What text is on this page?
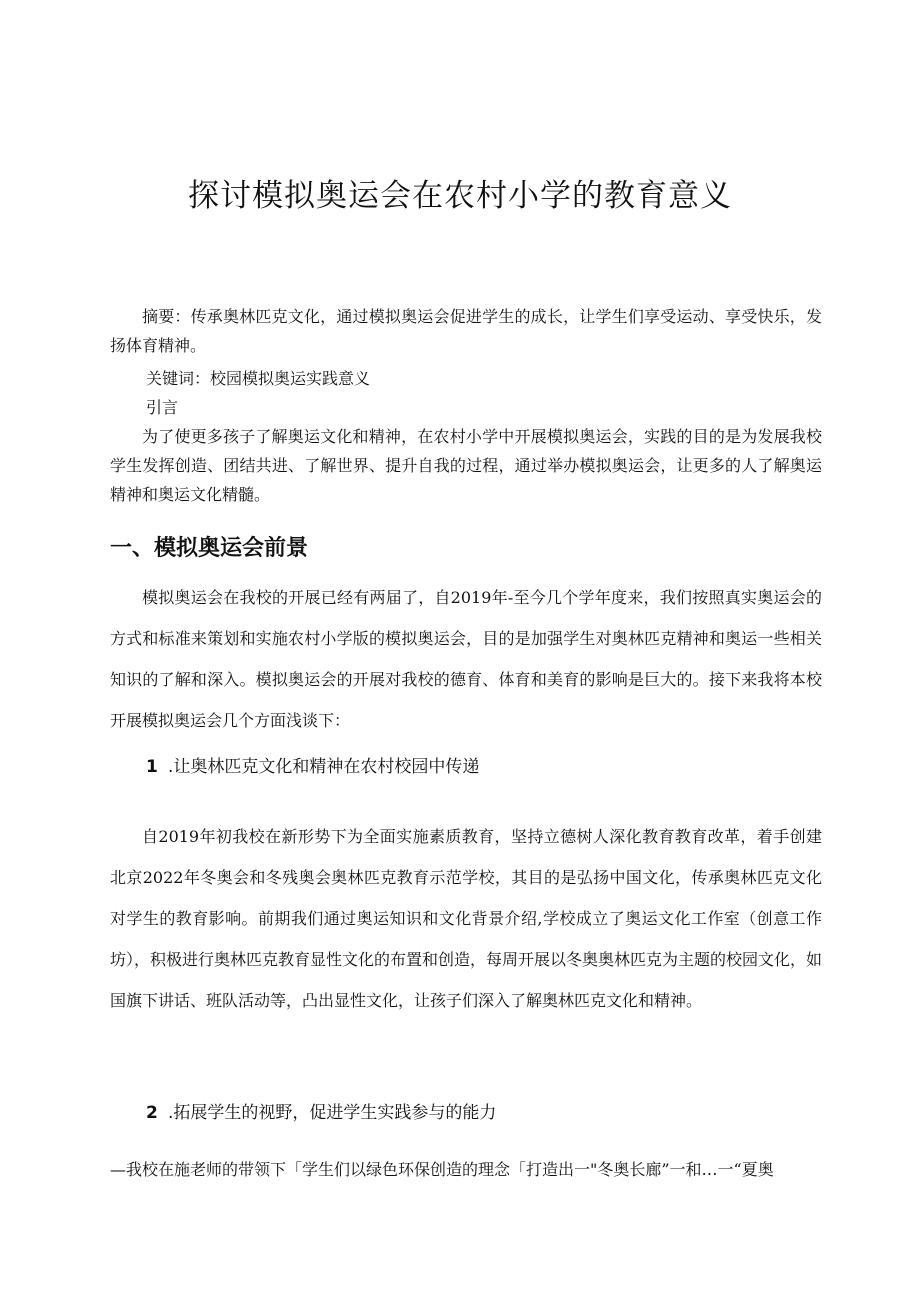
探讨模拟奥运会在农村小学的教育意义

摘要：传承奥林匹克文化，通过模拟奥运会促进学生的成长，让学生们享受运动、享受快乐，发扬体育精神。

关键词：校园模拟奥运实践意义

引言

为了使更多孩子了解奥运文化和精神，在农村小学中开展模拟奥运会，实践的目的是为发展我校学生发挥创造、团结共进、了解世界、提升自我的过程，通过举办模拟奥运会，让更多的人了解奥运精神和奥运文化精髓。

一、模拟奥运会前景

模拟奥运会在我校的开展已经有两届了，自2019年-至今几个学年度来，我们按照真实奥运会的方式和标准来策划和实施农村小学版的模拟奥运会，目的是加强学生对奥林匹克精神和奥运一些相关知识的了解和深入。模拟奥运会的开展对我校的德育、体育和美育的影响是巨大的。接下来我将本校开展模拟奥运会几个方面浅谈下：

1 .让奥林匹克文化和精神在农村校园中传递

自2019年初我校在新形势下为全面实施素质教育，坚持立德树人深化教育教育改革，着手创建北京2022年冬奥会和冬残奥会奥林匹克教育示范学校，其目的是弘扬中国文化，传承奥林匹克文化对学生的教育影响。前期我们通过奥运知识和文化背景介绍,学校成立了奥运文化工作室（创意工作坊），积极进行奥林匹克教育显性文化的布置和创造，每周开展以冬奥奥林匹克为主题的校园文化，如国旗下讲话、班队活动等，凸出显性文化，让孩子们深入了解奥林匹克文化和精神。

2 .拓展学生的视野，促进学生实践参与的能力

—我校在施老师的带领下「学生们以绿色环保创造的理念「打造出一"冬奥长廊”一和…一“夏奥
